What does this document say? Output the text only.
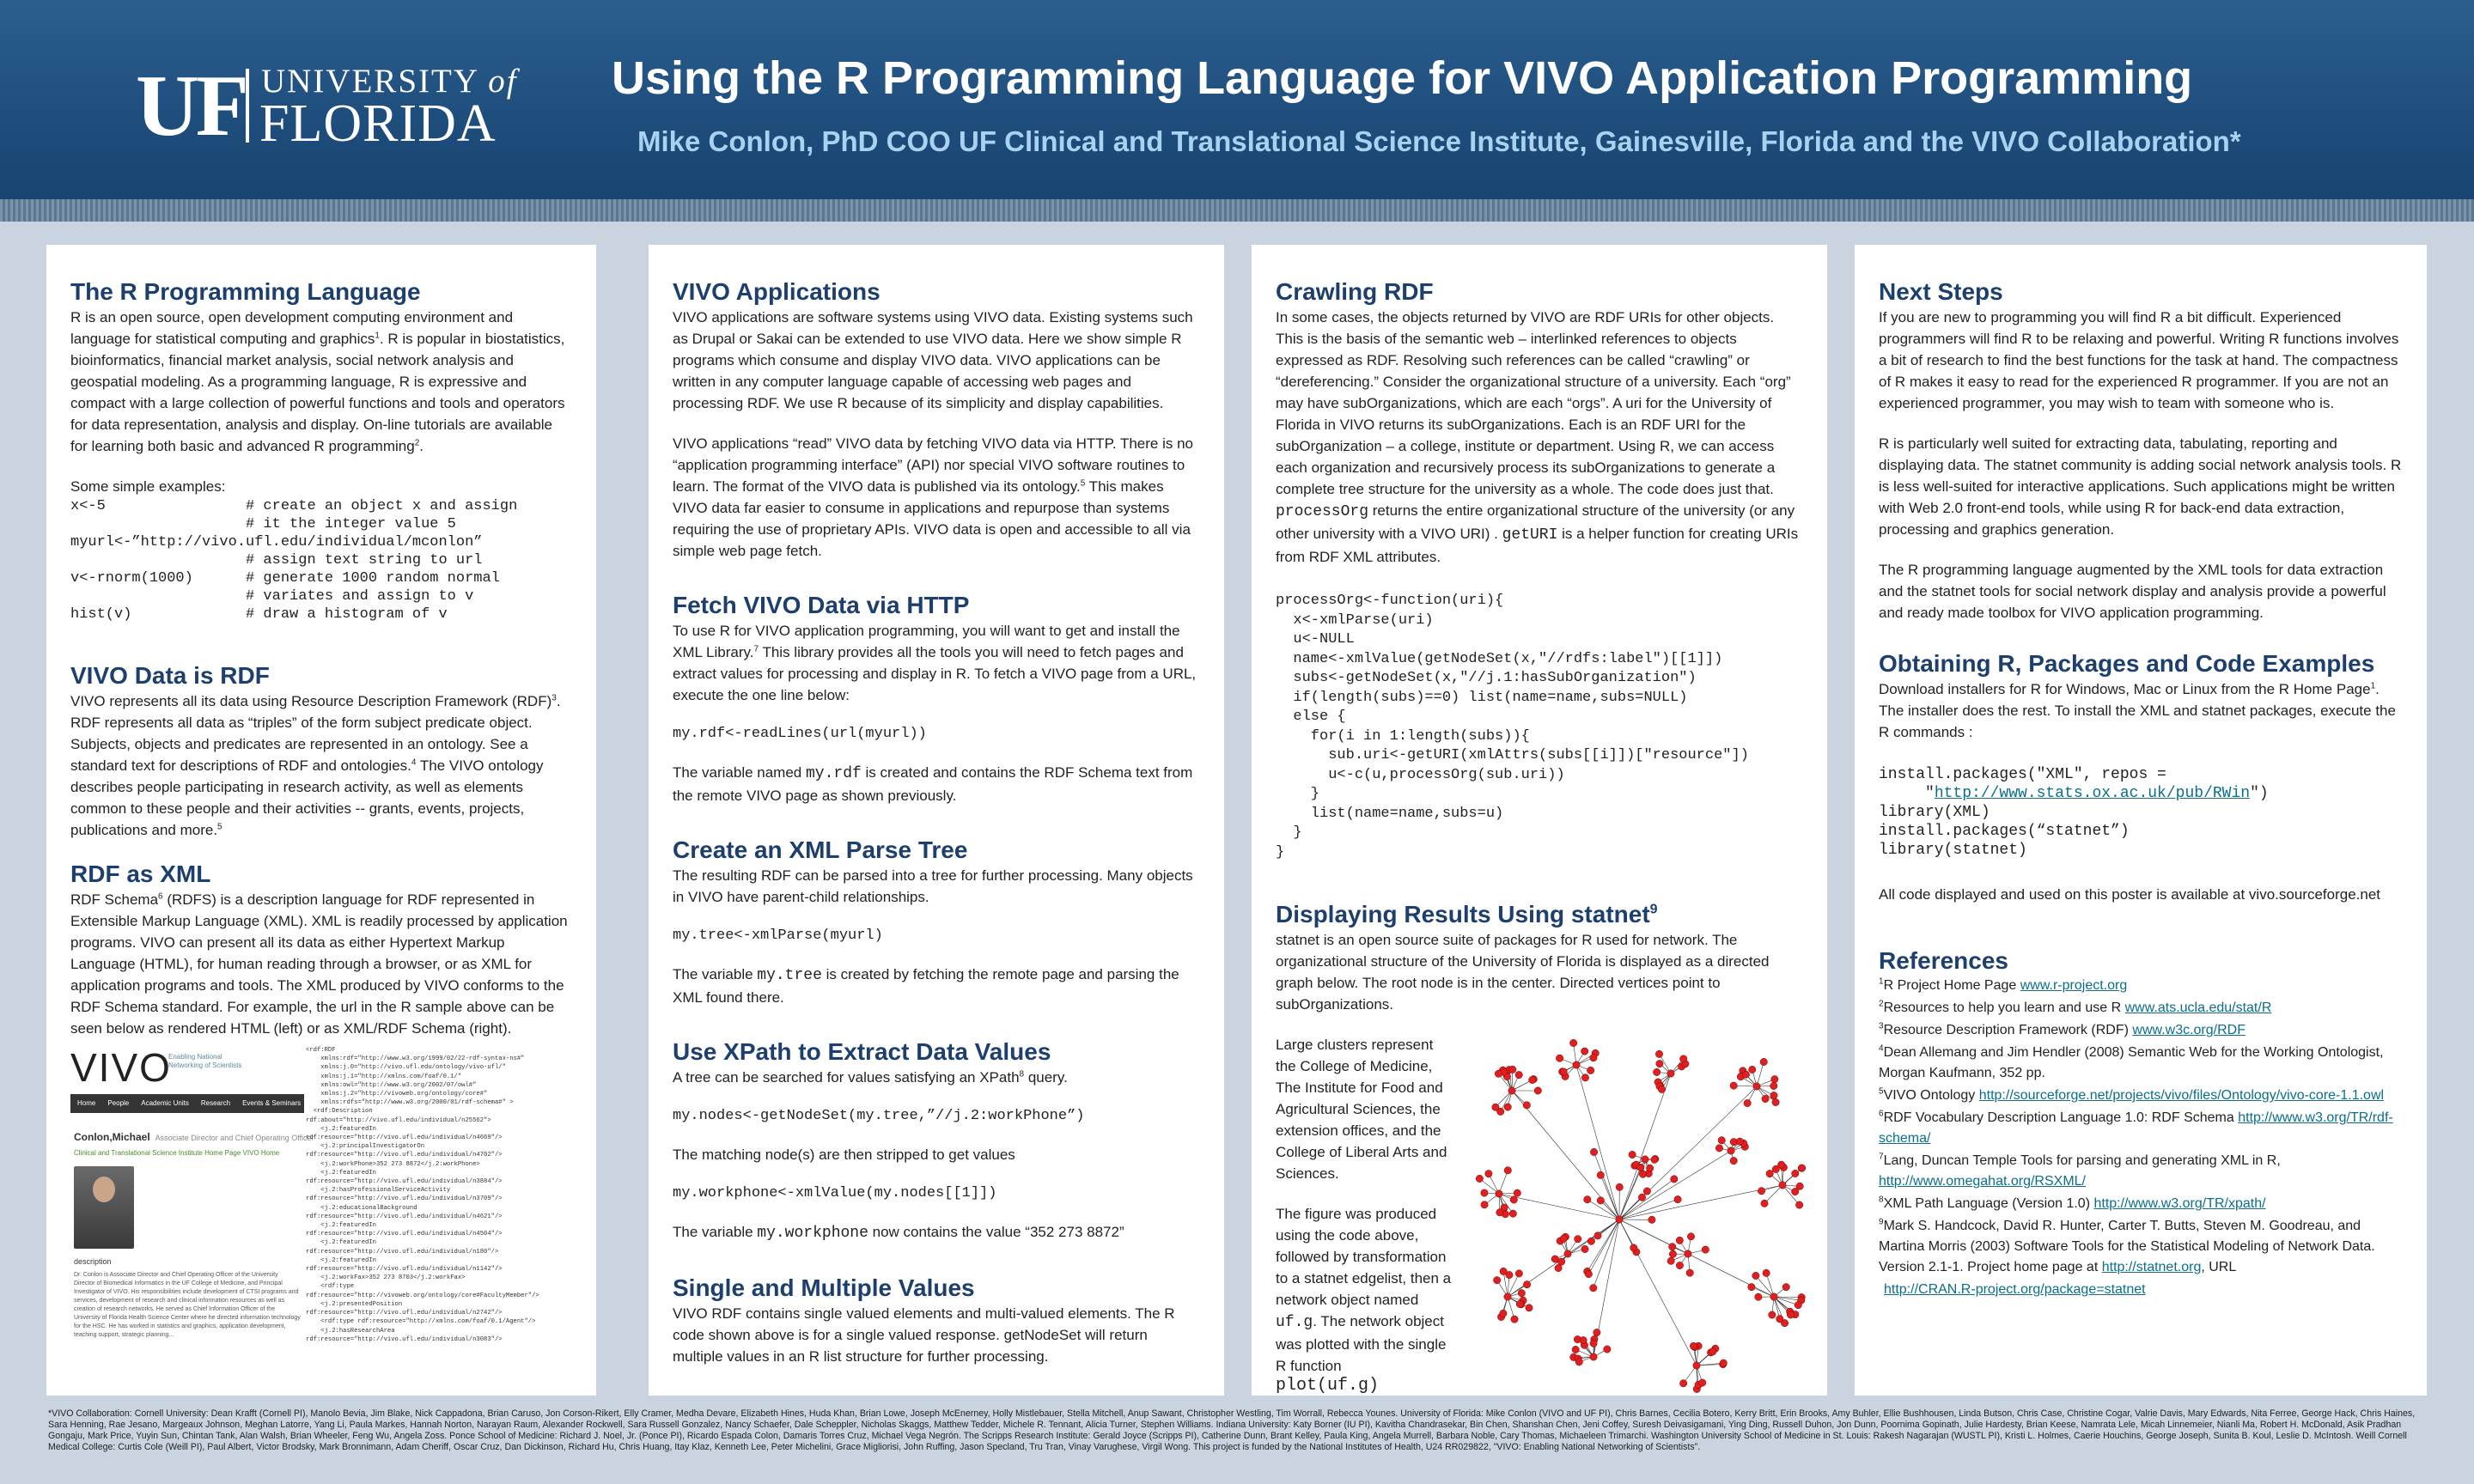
UF UNIVERSITY of
FLORIDA
Using the R Programming Language for VIVO Application Programming
Mike Conlon, PhD COO UF Clinical and Translational Science Institute, Gainesville, Florida and the VIVO Collaboration*
The R Programming Language

R is an open source, open development computing environment and language for statistical computing and graphics$^1$. R is popular in biostatistics, bioinformatics, financial market analysis, social network analysis and geospatial modeling. As a programming language, R is expressive and compact with a large collection of powerful functions and tools and operators for data representation, analysis and display. On-line tutorials are available for learning both basic and advanced R programming$^2$.

Some simple examples:

x<-5                # create an object x and assign
# it the integer value 5
myurl<-”http://vivo.ufl.edu/individual/mconlon”
# assign text string to url
v<-rnorm(1000)      # generate 1000 random normal
# variates and assign to v
hist(v)             # draw a histogram of v
VIVO Data is RDF

VIVO represents all its data using Resource Description Framework (RDF)$^3$. RDF represents all data as “triples” of the form subject predicate object. Subjects, objects and predicates are represented in an ontology. See a standard text for descriptions of RDF and ontologies.$^4$ The VIVO ontology describes people participating in research activity, as well as elements common to these people and their activities -- grants, events, projects, publications and more.$^5$

RDF as XML

RDF Schema$^6$ (RDFS) is a description language for RDF represented in Extensible Markup Language (XML). XML is readily processed by application programs. VIVO can present all its data as either Hypertext Markup Language (HTML), for human reading through a browser, or as XML for application programs and tools. The XML produced by VIVO conforms to the RDF Schema standard. For example, the url in the R sample above can be seen below as rendered HTML (left) or as XML/RDF Schema (right).

VIVO
Enabling National Networking of Scientists
Home People Academic Units Research Events & Seminars
Conlon,Michael Associate Director and Chief Operating Officer
Clinical and Translational Science Institute Home Page VIVO Home
description
Dr. Conlon is Associate Director and Chief Operating Officer of the University Director of Biomedical Informatics in the UF College of Medicine, and Principal Investigator of VIVO. His responsibilities include development of CTSI programs and services, development of research and clinical information resources as well as creation of research networks. He served as Chief Information Officer of the University of Florida Health Science Center where he directed information technology for the HSC. He has worked in statistics and graphics, application development, teaching support, strategic planning...
<rdf:RDF
xmlns:rdf="http://www.w3.org/1999/02/22-rdf-syntax-ns#"
xmlns:j.0="http://vivo.ufl.edu/ontology/vivo-ufl/"
xmlns:j.1="http://xmlns.com/foaf/0.1/"
xmlns:owl="http://www.w3.org/2002/07/owl#"
xmlns:j.2="http://vivoweb.org/ontology/core#"
xmlns:rdfs="http://www.w3.org/2000/01/rdf-schema#" >
<rdf:Description
rdf:about="http://vivo.ufl.edu/individual/n25562">
<j.2:featuredIn
rdf:resource="http://vivo.ufl.edu/individual/n4669"/>
<j.2:principalInvestigatorOn
rdf:resource="http://vivo.ufl.edu/individual/n4702"/>
<j.2:workPhone>352 273 8872</j.2:workPhone>
<j.2:featuredIn
rdf:resource="http://vivo.ufl.edu/individual/n3884"/>
<j.2:hasProfessionalServiceActivity
rdf:resource="http://vivo.ufl.edu/individual/n3709"/>
<j.2:educationalBackground
rdf:resource="http://vivo.ufl.edu/individual/n4621"/>
<j.2:featuredIn
rdf:resource="http://vivo.ufl.edu/individual/n4504"/>
<j.2:featuredIn
rdf:resource="http://vivo.ufl.edu/individual/n180"/>
<j.2:featuredIn
rdf:resource="http://vivo.ufl.edu/individual/n1142"/>
<j.2:workFax>352 273 8703</j.2:workFax>
<rdf:type
rdf:resource="http://vivoweb.org/ontology/core#FacultyMember"/>
<j.2:presentedPosition
rdf:resource="http://vivo.ufl.edu/individual/n2742"/>
<rdf:type rdf:resource="http://xmlns.com/foaf/0.1/Agent"/>
<j.2:hasResearchArea
rdf:resource="http://vivo.ufl.edu/individual/n3083"/>
VIVO Applications

VIVO applications are software systems using VIVO data. Existing systems such as Drupal or Sakai can be extended to use VIVO data. Here we show simple R programs which consume and display VIVO data. VIVO applications can be written in any computer language capable of accessing web pages and processing RDF. We use R because of its simplicity and display capabilities.

VIVO applications “read” VIVO data by fetching VIVO data via HTTP. There is no “application programming interface” (API) nor special VIVO software routines to learn. The format of the VIVO data is published via its ontology.$^5$ This makes VIVO data far easier to consume in applications and repurpose than systems requiring the use of proprietary APIs. VIVO data is open and accessible to all via simple web page fetch.

Fetch VIVO Data via HTTP

To use R for VIVO application programming, you will want to get and install the XML Library.$^7$ This library provides all the tools you will need to fetch pages and extract values for processing and display in R. To fetch a VIVO page from a URL, execute the one line below:

my.rdf<-readLines(url(myurl))

The variable named my.rdf is created and contains the RDF Schema text from the remote VIVO page as shown previously.

Create an XML Parse Tree

The resulting RDF can be parsed into a tree for further processing. Many objects in VIVO have parent-child relationships.

my.tree<-xmlParse(myurl)

The variable my.tree is created by fetching the remote page and parsing the XML found there.

Use XPath to Extract Data Values

A tree can be searched for values satisfying an XPath$^8$ query.

my.nodes<-getNodeSet(my.tree,”//j.2:workPhone”)

The matching node(s) are then stripped to get values

my.workphone<-xmlValue(my.nodes[[1]])

The variable my.workphone now contains the value “352 273 8872”

Single and Multiple Values

VIVO RDF contains single valued elements and multi-valued elements. The R code shown above is for a single valued response. getNodeSet will return multiple values in an R list structure for further processing.

Crawling RDF

In some cases, the objects returned by VIVO are RDF URIs for other objects. This is the basis of the semantic web – interlinked references to objects expressed as RDF. Resolving such references can be called “crawling” or “dereferencing.” Consider the organizational structure of a university. Each “org” may have subOrganizations, which are each “orgs”. A uri for the University of Florida in VIVO returns its subOrganizations. Each is an RDF URI for the subOrganization – a college, institute or department. Using R, we can access each organization and recursively process its subOrganizations to generate a complete tree structure for the university as a whole. The code does just that. processOrg returns the entire organizational structure of the university (or any other university with a VIVO URI) . getURI is a helper function for creating URIs from RDF XML attributes.

processOrg<-function(uri){
x<-xmlParse(uri)
u<-NULL
name<-xmlValue(getNodeSet(x,"//rdfs:label")[[1]])
subs<-getNodeSet(x,"//j.1:hasSubOrganization")
if(length(subs)==0) list(name=name,subs=NULL)
else {
for(i in 1:length(subs)){
sub.uri<-getURI(xmlAttrs(subs[[i]])["resource"])
u<-c(u,processOrg(sub.uri))
}
list(name=name,subs=u)
}
}
Displaying Results Using statnet$^9$

statnet is an open source suite of packages for R used for network. The organizational structure of the University of Florida is displayed as a directed graph below. The root node is in the center. Directed vertices point to subOrganizations.

Large clusters represent the College of Medicine, The Institute for Food and Agricultural Sciences, the extension offices, and the College of Liberal Arts and Sciences.

The figure was produced using the code above, followed by transformation to a statnet edgelist, then a network object named uf.g. The network object was plotted with the single R function

plot(uf.g)
Next Steps

If you are new to programming you will find R a bit difficult. Experienced programmers will find R to be relaxing and powerful. Writing R functions involves a bit of research to find the best functions for the task at hand. The compactness of R makes it easy to read for the experienced R programmer. If you are not an experienced programmer, you may wish to team with someone who is.

R is particularly well suited for extracting data, tabulating, reporting and displaying data. The statnet community is adding social network analysis tools. R is less well-suited for interactive applications. Such applications might be written with Web 2.0 front-end tools, while using R for back-end data extraction, processing and graphics generation.

The R programming language augmented by the XML tools for data extraction and the statnet tools for social network display and analysis provide a powerful and ready made toolbox for VIVO application programming.

Obtaining R, Packages and Code Examples

Download installers for R for Windows, Mac or Linux from the R Home Page$^1$. The installer does the rest. To install the XML and statnet packages, execute the R commands :

install.packages("XML", repos =
"http://www.stats.ox.ac.uk/pub/RWin")
library(XML)
install.packages(“statnet”)
library(statnet)

All code displayed and used on this poster is available at vivo.sourceforge.net

References
$^1$R Project Home Page www.r-project.org
$^2$Resources to help you learn and use R www.ats.ucla.edu/stat/R
$^3$Resource Description Framework (RDF) www.w3c.org/RDF
$^4$Dean Allemang and Jim Hendler (2008) Semantic Web for the Working Ontologist, Morgan Kaufmann, 352 pp.
$^5$VIVO Ontology http://sourceforge.net/projects/vivo/files/Ontology/vivo-core-1.1.owl
$^6$RDF Vocabulary Description Language 1.0: RDF Schema http://www.w3.org/TR/rdf-schema/
$^7$Lang, Duncan Temple Tools for parsing and generating XML in R, http://www.omegahat.org/RSXML/
$^8$XML Path Language (Version 1.0) http://www.w3.org/TR/xpath/
$^9$Mark S. Handcock, David R. Hunter, Carter T. Butts, Steven M. Goodreau, and Martina Morris (2003) Software Tools for the Statistical Modeling of Network Data. Version 2.1-1. Project home page at http://statnet.org, URL
http://CRAN.R-project.org/package=statnet
*VIVO Collaboration: Cornell University: Dean Krafft (Cornell PI), Manolo Bevia, Jim Blake, Nick Cappadona, Brian Caruso, Jon Corson-Rikert, Elly Cramer, Medha Devare, Elizabeth Hines, Huda Khan, Brian Lowe, Joseph McEnerney, Holly Mistlebauer, Stella Mitchell, Anup Sawant, Christopher Westling, Tim Worrall, Rebecca Younes. University of Florida: Mike Conlon (VIVO and UF PI), Chris Barnes, Cecilia Botero, Kerry Britt, Erin Brooks, Amy Buhler, Ellie Bushhousen, Linda Butson, Chris Case, Christine Cogar, Valrie Davis, Mary Edwards, Nita Ferree, George Hack, Chris Haines, Sara Henning, Rae Jesano, Margeaux Johnson, Meghan Latorre, Yang Li, Paula Markes, Hannah Norton, Narayan Raum, Alexander Rockwell, Sara Russell Gonzalez, Nancy Schaefer, Dale Scheppler, Nicholas Skaggs, Matthew Tedder, Michele R. Tennant, Alicia Turner, Stephen Williams. Indiana University: Katy Borner (IU PI), Kavitha Chandrasekar, Bin Chen, Shanshan Chen, Jeni Coffey, Suresh Deivasigamani, Ying Ding, Russell Duhon, Jon Dunn, Poornima Gopinath, Julie Hardesty, Brian Keese, Namrata Lele, Micah Linnemeier, Nianli Ma, Robert H. McDonald, Asik Pradhan Gongaju, Mark Price, Yuyin Sun, Chintan Tank, Alan Walsh, Brian Wheeler, Feng Wu, Angela Zoss. Ponce School of Medicine: Richard J. Noel, Jr. (Ponce PI), Ricardo Espada Colon, Damaris Torres Cruz, Michael Vega Negrón. The Scripps Research Institute: Gerald Joyce (Scripps PI), Catherine Dunn, Brant Kelley, Paula King, Angela Murrell, Barbara Noble, Cary Thomas, Michaeleen Trimarchi. Washington University School of Medicine in St. Louis: Rakesh Nagarajan (WUSTL PI), Kristi L. Holmes, Caerie Houchins, George Joseph, Sunita B. Koul, Leslie D. McIntosh. Weill Cornell Medical College: Curtis Cole (Weill PI), Paul Albert, Victor Brodsky, Mark Bronnimann, Adam Cheriff, Oscar Cruz, Dan Dickinson, Richard Hu, Chris Huang, Itay Klaz, Kenneth Lee, Peter Michelini, Grace Migliorisi, John Ruffing, Jason Specland, Tru Tran, Vinay Varughese, Virgil Wong. This project is funded by the National Institutes of Health, U24 RR029822, "VIVO: Enabling National Networking of Scientists".
